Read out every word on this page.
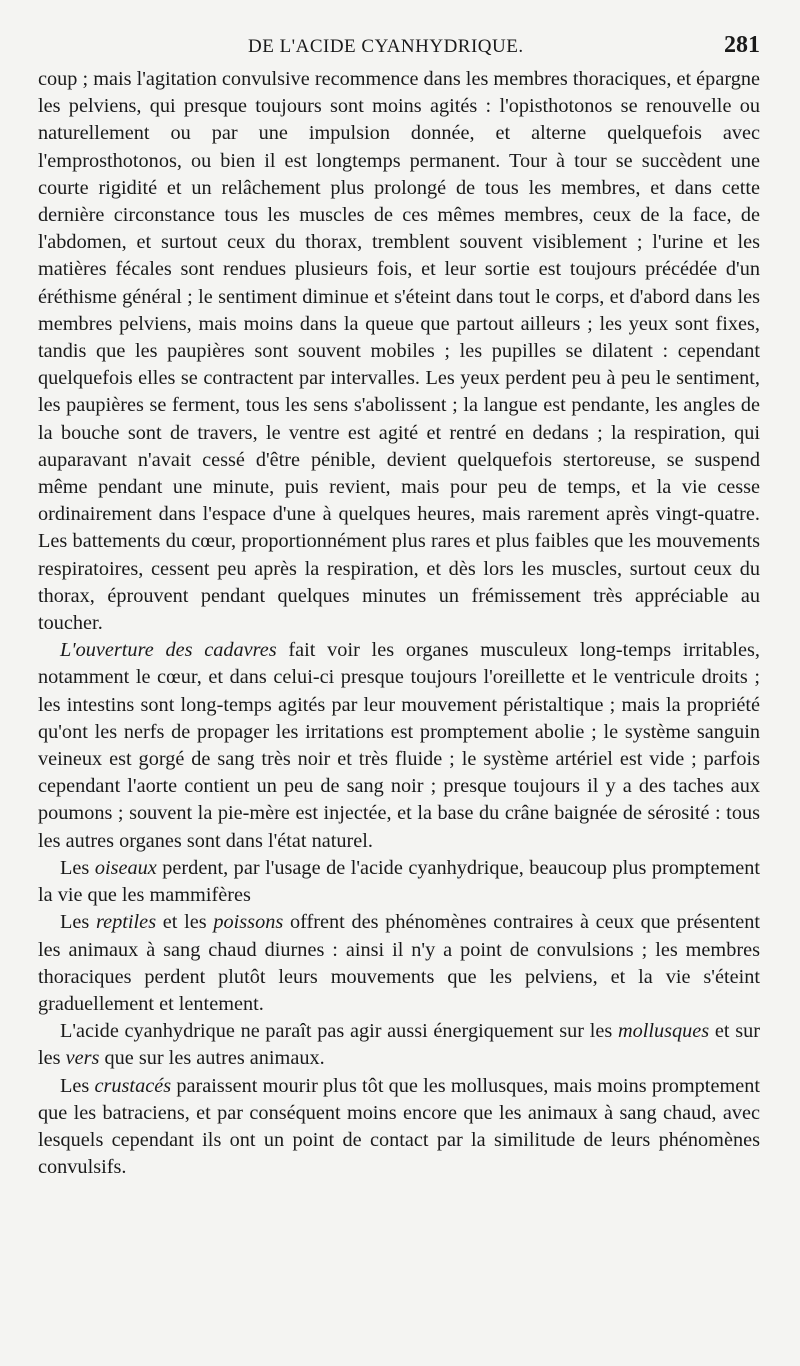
DE L'ACIDE CYANHYDRIQUE.	281

coup ; mais l'agitation convulsive recommence dans les membres thoraciques, et épargne les pelviens, qui presque toujours sont moins agités : l'opisthotonos se renouvelle ou naturellement ou par une impulsion donnée, et alterne quelquefois avec l'emprosthotonos, ou bien il est longtemps permanent. Tour à tour se succèdent une courte rigidité et un relâchement plus prolongé de tous les membres, et dans cette dernière circonstance tous les muscles de ces mêmes membres, ceux de la face, de l'abdomen, et surtout ceux du thorax, tremblent souvent visiblement ; l'urine et les matières fécales sont rendues plusieurs fois, et leur sortie est toujours précédée d'un éréthisme général ; le sentiment diminue et s'éteint dans tout le corps, et d'abord dans les membres pelviens, mais moins dans la queue que partout ailleurs ; les yeux sont fixes, tandis que les paupières sont souvent mobiles ; les pupilles se dilatent : cependant quelquefois elles se contractent par intervalles. Les yeux perdent peu à peu le sentiment, les paupières se ferment, tous les sens s'abolissent ; la langue est pendante, les angles de la bouche sont de travers, le ventre est agité et rentré en dedans ; la respiration, qui auparavant n'avait cessé d'être pénible, devient quelquefois stertoreuse, se suspend même pendant une minute, puis revient, mais pour peu de temps, et la vie cesse ordinairement dans l'espace d'une à quelques heures, mais rarement après vingt-quatre. Les battements du cœur, proportionnément plus rares et plus faibles que les mouvements respiratoires, cessent peu après la respiration, et dès lors les muscles, surtout ceux du thorax, éprouvent pendant quelques minutes un frémissement très appréciable au toucher.

L'ouverture des cadavres fait voir les organes musculeux long-temps irritables, notamment le cœur, et dans celui-ci presque toujours l'oreillette et le ventricule droits ; les intestins sont long-temps agités par leur mouvement péristaltique ; mais la propriété qu'ont les nerfs de propager les irritations est promptement abolie ; le système sanguin veineux est gorgé de sang très noir et très fluide ; le système artériel est vide ; parfois cependant l'aorte contient un peu de sang noir ; presque toujours il y a des taches aux poumons ; souvent la pie-mère est injectée, et la base du crâne baignée de sérosité : tous les autres organes sont dans l'état naturel.

Les oiseaux perdent, par l'usage de l'acide cyanhydrique, beaucoup plus promptement la vie que les mammifères

Les reptiles et les poissons offrent des phénomènes contraires à ceux que présentent les animaux à sang chaud diurnes : ainsi il n'y a point de convulsions ; les membres thoraciques perdent plutôt leurs mouvements que les pelviens, et la vie s'éteint graduellement et lentement.

L'acide cyanhydrique ne paraît pas agir aussi énergiquement sur les mollusques et sur les vers que sur les autres animaux.

Les crustacés paraissent mourir plus tôt que les mollusques, mais moins promptement que les batraciens, et par conséquent moins encore que les animaux à sang chaud, avec lesquels cependant ils ont un point de contact par la similitude de leurs phénomènes convulsifs.
